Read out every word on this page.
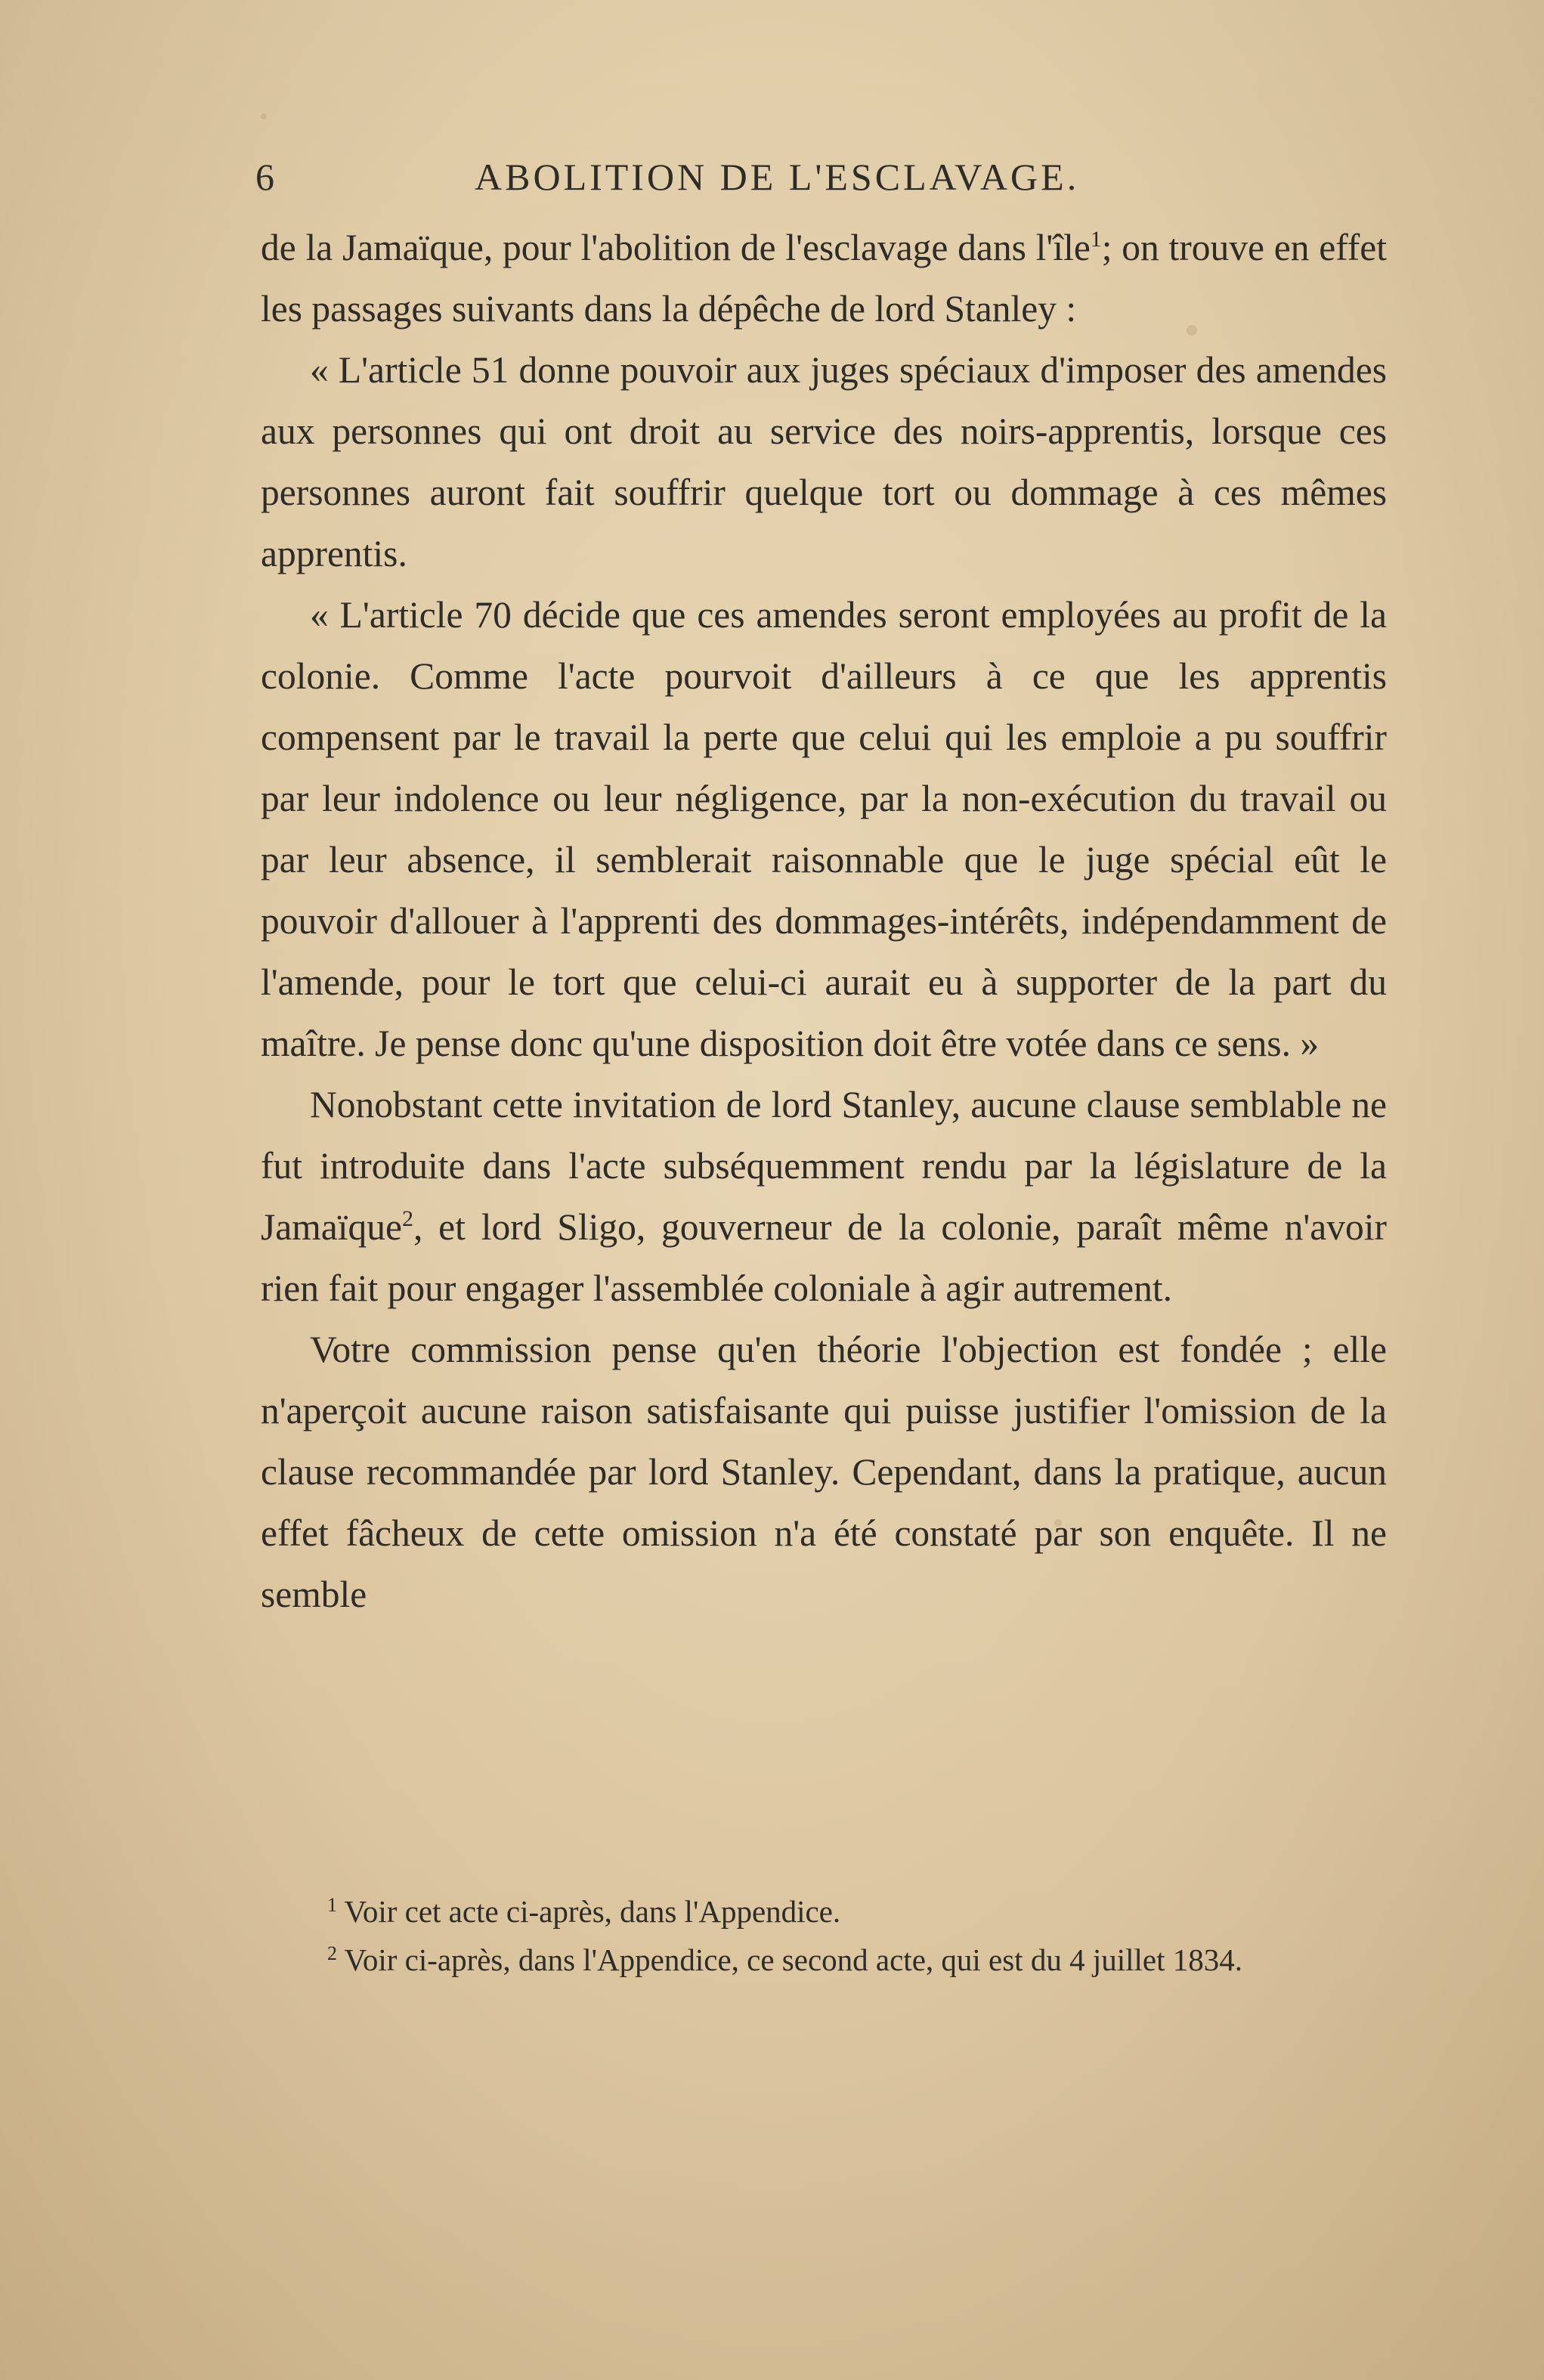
6	ABOLITION DE L'ESCLAVAGE.

de la Jamaïque, pour l'abolition de l'esclavage dans l'île$^1$; on trouve en effet les passages suivants dans la dépêche de lord Stanley :

« L'article 51 donne pouvoir aux juges spéciaux d'imposer des amendes aux personnes qui ont droit au service des noirs-apprentis, lorsque ces personnes auront fait souffrir quelque tort ou dommage à ces mêmes apprentis.

« L'article 70 décide que ces amendes seront employées au profit de la colonie. Comme l'acte pourvoit d'ailleurs à ce que les apprentis compensent par le travail la perte que celui qui les emploie a pu souffrir par leur indolence ou leur négligence, par la non-exécution du travail ou par leur absence, il semblerait raisonnable que le juge spécial eût le pouvoir d'allouer à l'apprenti des dommages-intérêts, indépendamment de l'amende, pour le tort que celui-ci aurait eu à supporter de la part du maître. Je pense donc qu'une disposition doit être votée dans ce sens. »

Nonobstant cette invitation de lord Stanley, aucune clause semblable ne fut introduite dans l'acte subséquemment rendu par la législature de la Jamaïque$^2$, et lord Sligo, gouverneur de la colonie, paraît même n'avoir rien fait pour engager l'assemblée coloniale à agir autrement.

Votre commission pense qu'en théorie l'objection est fondée ; elle n'aperçoit aucune raison satisfaisante qui puisse justifier l'omission de la clause recommandée par lord Stanley. Cependant, dans la pratique, aucun effet fâcheux de cette omission n'a été constaté par son enquête. Il ne semble

$^1$ Voir cet acte ci-après, dans l'Appendice.

$^2$ Voir ci-après, dans l'Appendice, ce second acte, qui est du 4 juillet 1834.
